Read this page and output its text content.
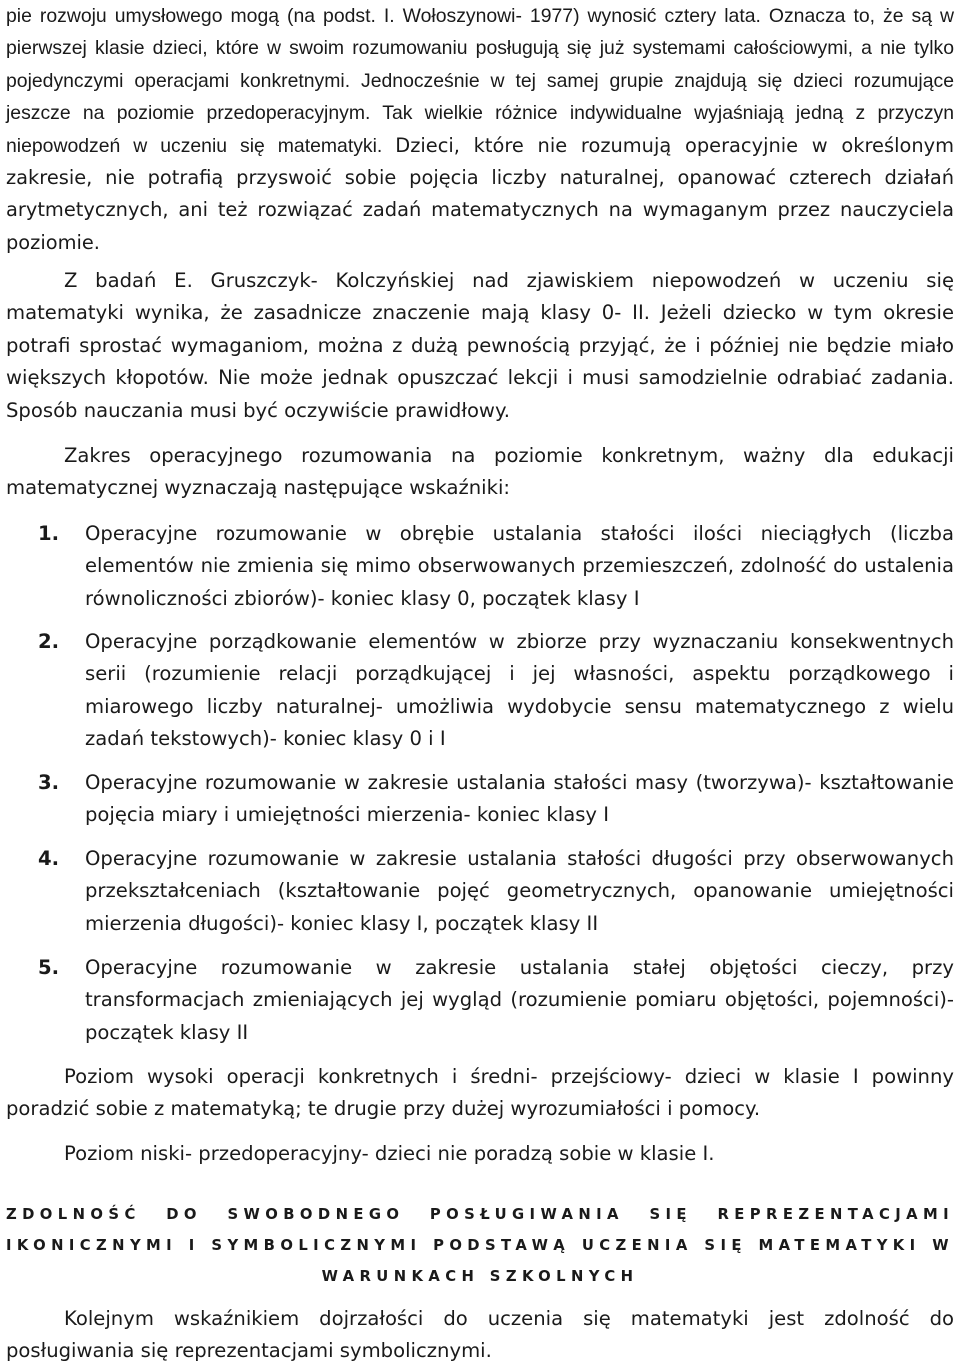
pie rozwoju umysłowego mogą (na podst. I. Wołoszynowi- 1977) wynosić cztery lata. Oznacza to, że są w pierwszej klasie dzieci, które w swoim rozumowaniu posługują się już systemami całościowymi, a nie tylko pojedynczymi operacjami konkretnymi. Jednocześnie w tej samej grupie znajdują się dzieci rozumujące jeszcze na poziomie przedoperacyjnym. Tak wielkie różnice indywidualne wyjaśniają jedną z przyczyn niepowodzeń w uczeniu się matematyki. Dzieci, które nie rozumują operacyjnie w określonym zakresie, nie potrafią przyswoić sobie pojęcia liczby naturalnej, opanować czterech działań arytmetycznych, ani też rozwiązać zadań matematycznych na wymaganym przez nauczyciela poziomie.

Z badań E. Gruszczyk- Kolczyńskiej nad zjawiskiem niepowodzeń w uczeniu się matematyki wynika, że zasadnicze znaczenie mają klasy 0- II. Jeżeli dziecko w tym okresie potrafi sprostać wymaganiom, można z dużą pewnością przyjąć, że i później nie będzie miało większych kłopotów. Nie może jednak opuszczać lekcji i musi samodzielnie odrabiać zadania. Sposób nauczania musi być oczywiście prawidłowy.

Zakres operacyjnego rozumowania na poziomie konkretnym, ważny dla edukacji matematycznej wyznaczają następujące wskaźniki:

1. Operacyjne rozumowanie w obrębie ustalania stałości ilości nieciągłych (liczba elementów nie zmienia się mimo obserwowanych przemieszczeń, zdolność do ustalenia równoliczności zbiorów)- koniec klasy 0, początek klasy I

2. Operacyjne porządkowanie elementów w zbiorze przy wyznaczaniu konsekwentnych serii (rozumienie relacji porządkującej i jej własności, aspektu porządkowego i miarowego liczby naturalnej- umożliwia wydobycie sensu matematycznego z wielu zadań tekstowych)- koniec klasy 0 i I

3. Operacyjne rozumowanie w zakresie ustalania stałości masy (tworzywa)- kształtowanie pojęcia miary i umiejętności mierzenia- koniec klasy I

4. Operacyjne rozumowanie w zakresie ustalania stałości długości przy obserwowanych przekształceniach (kształtowanie pojęć geometrycznych, opanowanie umiejętności mierzenia długości)- koniec klasy I, początek klasy II

5. Operacyjne rozumowanie w zakresie ustalania stałej objętości cieczy, przy transformacjach zmieniających jej wygląd (rozumienie pomiaru objętości, pojemności)- początek klasy II

Poziom wysoki operacji konkretnych i średni- przejściowy- dzieci w klasie I powinny poradzić sobie z matematyką; te drugie przy dużej wyrozumiałości i pomocy.

Poziom niski- przedoperacyjny- dzieci nie poradzą sobie w klasie I.

ZDOLNOŚĆ DO SWOBODNEGO POSŁUGIWANIA SIĘ REPREZENTACJAMI IKONICZNYMI I SYMBOLICZNYMI PODSTAWĄ UCZENIA SIĘ MATEMATYKI W WARUNKACH SZKOLNYCH

Kolejnym wskaźnikiem dojrzałości do uczenia się matematyki jest zdolność do posługiwania się reprezentacjami symbolicznymi.
